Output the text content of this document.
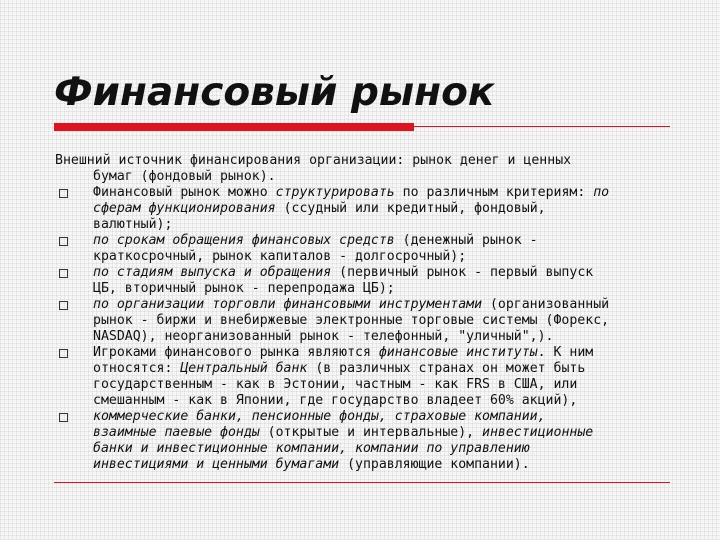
Финансовый рынок
Внешний источник финансирования организации: рынок денег и ценных
бумаг (фондовый рынок).
Финансовый рынок можно структурировать по различным критериям: по
сферам функционирования (ссудный или кредитный, фондовый,
валютный);
по срокам обращения финансовых средств (денежный рынок -
краткосрочный, рынок капиталов - долгосрочный);
по стадиям выпуска и обращения (первичный рынок - первый выпуск
ЦБ, вторичный рынок - перепродажа ЦБ);
по организации торговли финансовыми инструментами (организованный
рынок - биржи и внебиржевые электронные торговые системы (Форекс,
NASDAQ), неорганизованный рынок - телефонный, "уличный",).
Игроками финансового рынка являются финансовые институты. К ним
относятся: Центральный банк (в различных странах он может быть
государственным - как в Эстонии, частным - как FRS в США, или
смешанным - как в Японии, где государство владеет 60% акций),
коммерческие банки, пенсионные фонды, страховые компании,
взаимные паевые фонды (открытые и интервальные), инвестиционные
банки и инвестиционные компании, компании по управлению
инвестициями и ценными бумагами (управляющие компании).
